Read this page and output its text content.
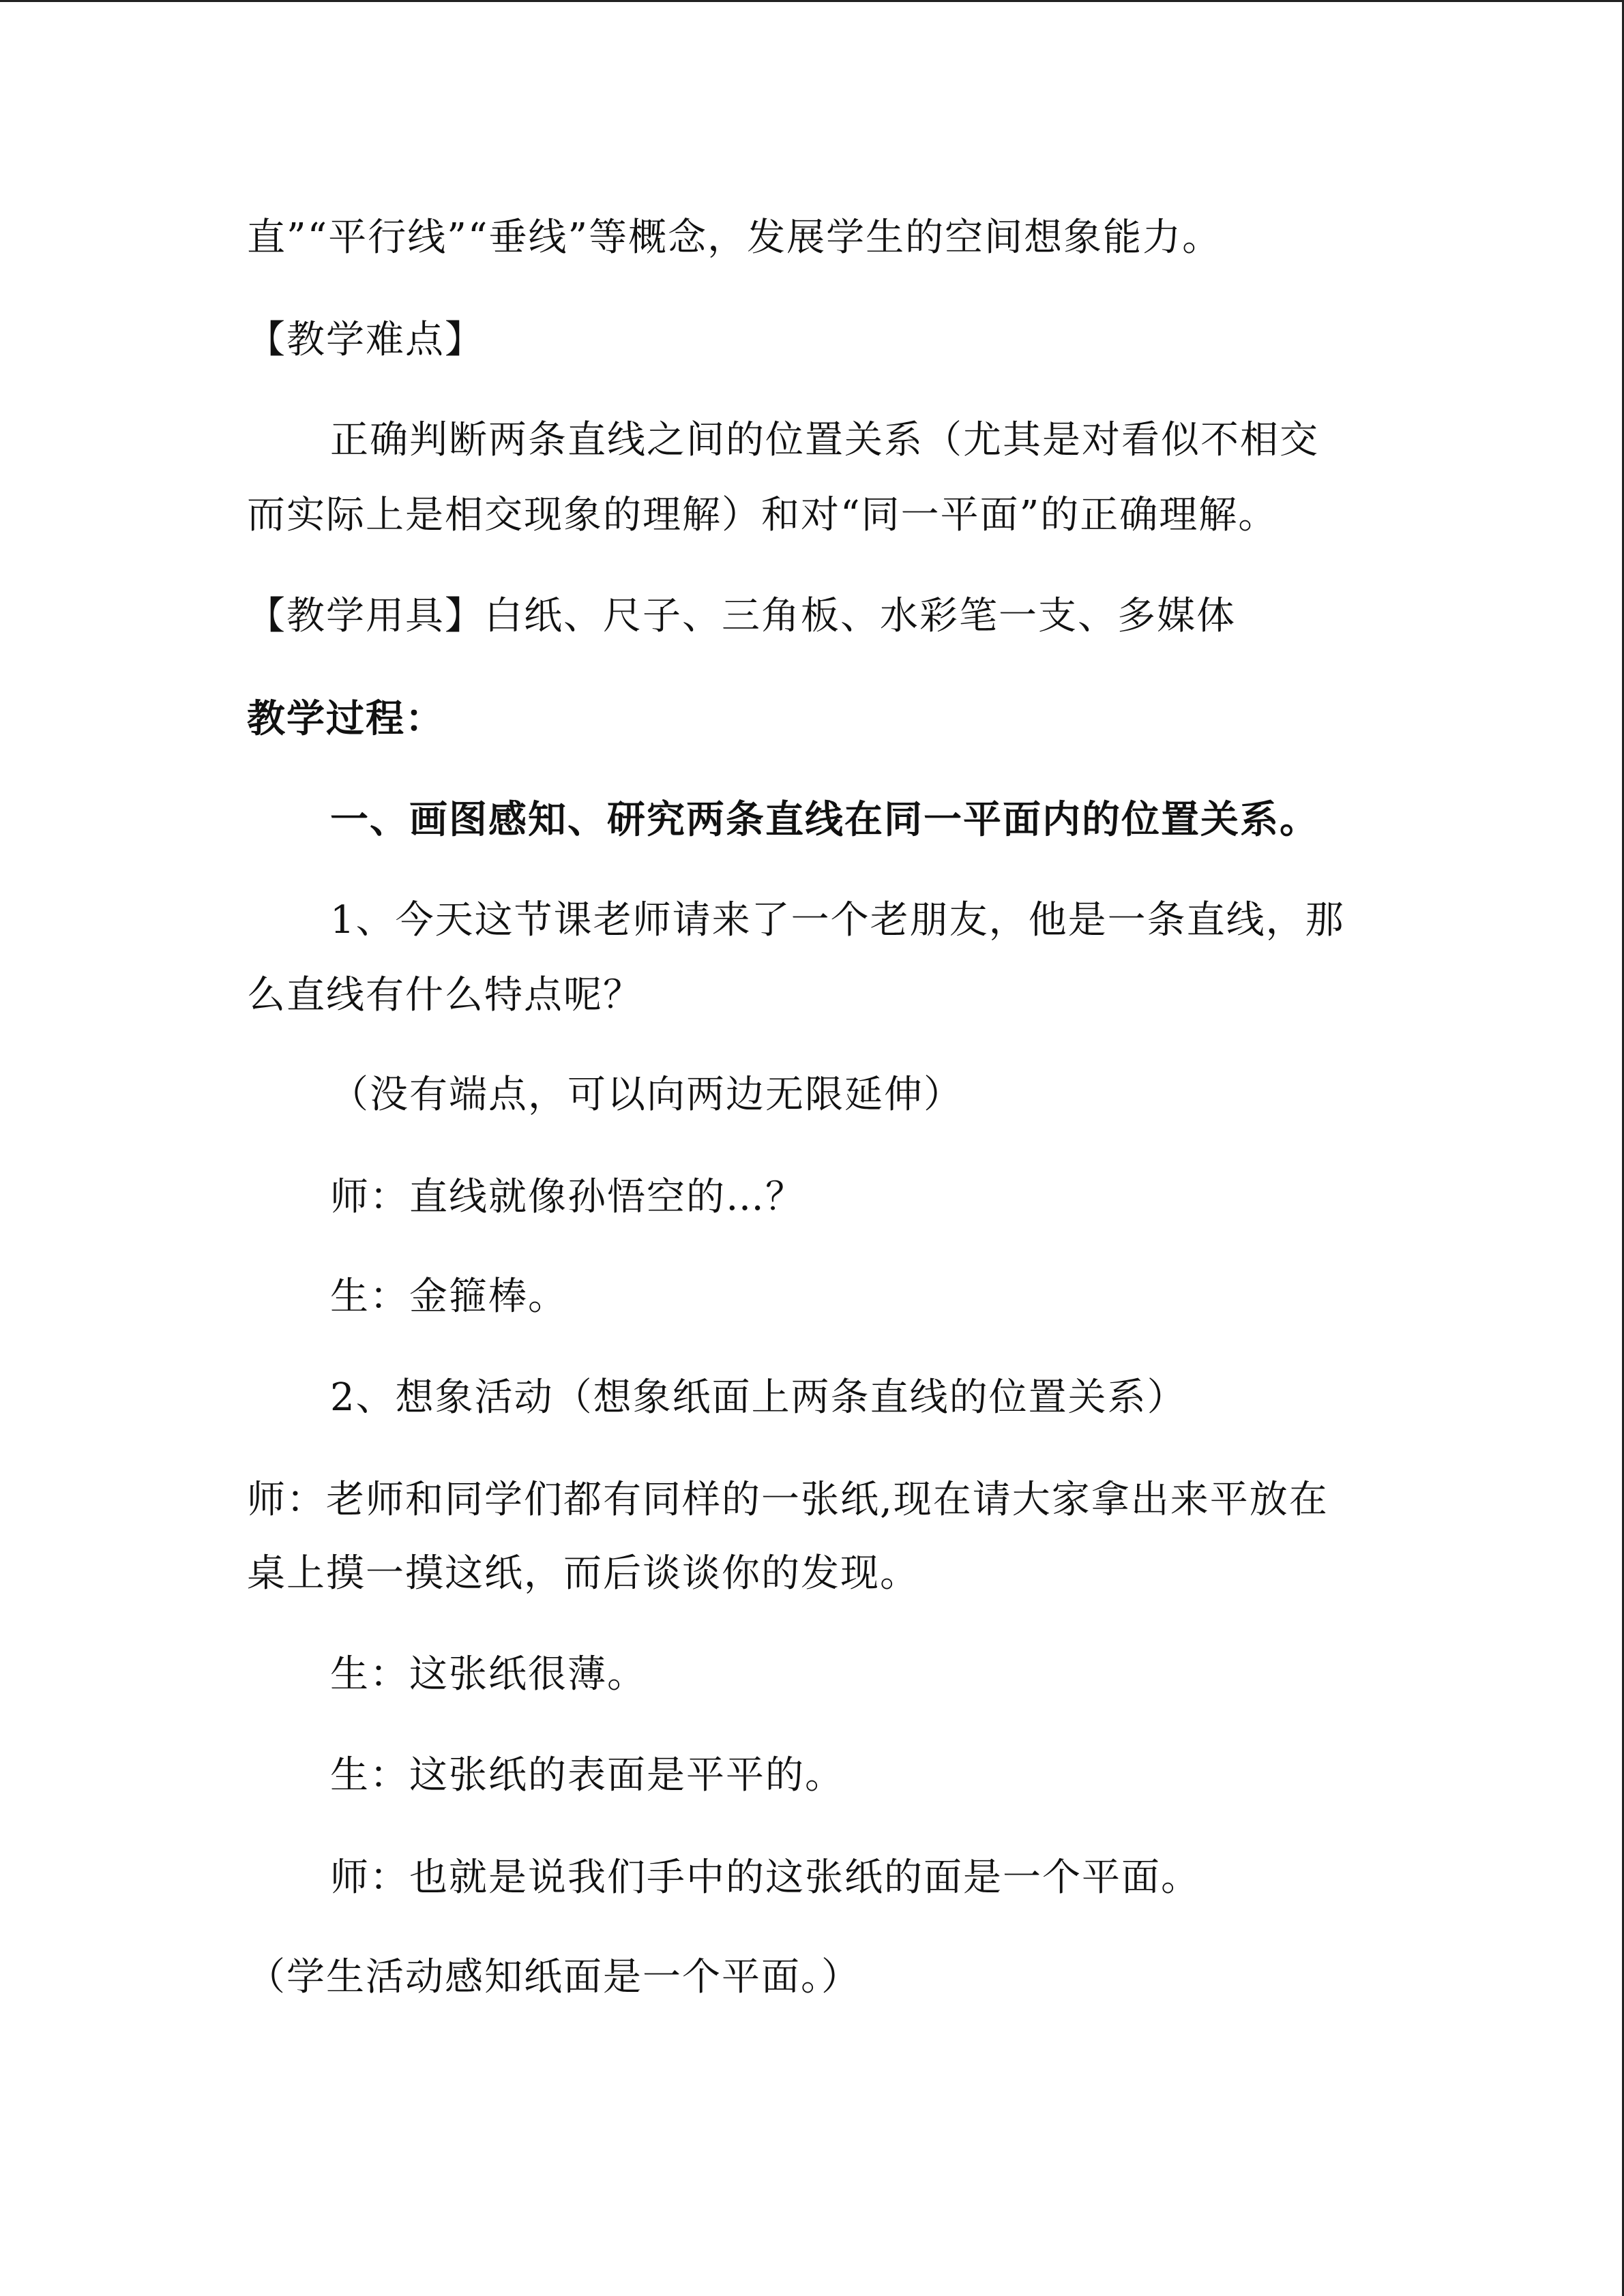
直”“平行线”“垂线”等概念，发展学生的空间想象能力。
【教学难点】
正确判断两条直线之间的位置关系（尤其是对看似不相交
而实际上是相交现象的理解）和对“同一平面”的正确理解。
【教学用具】白纸、尺子、三角板、水彩笔一支、多媒体
教学过程：
一、画图感知、研究两条直线在同一平面内的位置关系。
1、今天这节课老师请来了一个老朋友，他是一条直线，那
么直线有什么特点呢？
（没有端点，可以向两边无限延伸）
师：直线就像孙悟空的…？
生：金箍棒。
2、想象活动（想象纸面上两条直线的位置关系）
师：老师和同学们都有同样的一张纸,现在请大家拿出来平放在
桌上摸一摸这纸，而后谈谈你的发现。
生：这张纸很薄。
生：这张纸的表面是平平的。
师：也就是说我们手中的这张纸的面是一个平面。
（学生活动感知纸面是一个平面。）
